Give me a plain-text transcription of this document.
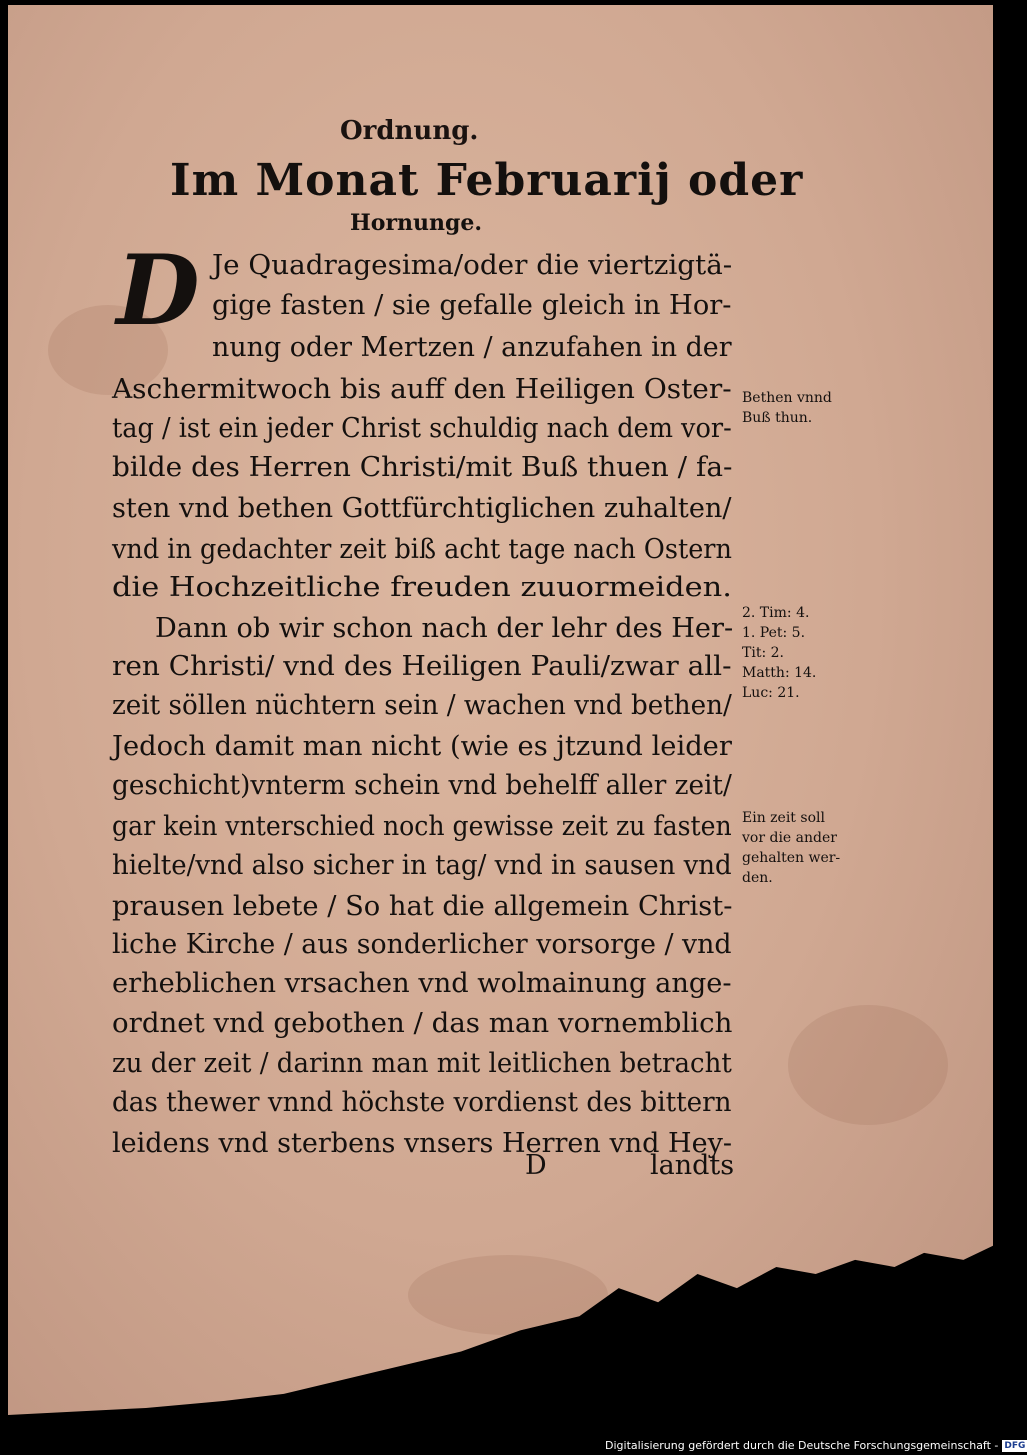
Ordnung.
Im Monat Februarij oder
Hornunge.
D Je Quadragesima/oder die viertzigtä-
gige fasten / sie gefalle gleich in Hor-
nung oder Mertzen / anzufahen in der
Aschermitwoch bis auff den Heiligen Oster-
tag / ist ein jeder Christ schuldig nach dem vor-
bilde des Herren Christi/mit Buß thuen / fa-
sten vnd bethen Gottfürchtiglichen zuhalten/
vnd in gedachter zeit biß acht tage nach Ostern
die Hochzeitliche freuden zuuormeiden.
Dann ob wir schon nach der lehr des Her-
ren Christi/ vnd des Heiligen Pauli/zwar all-
zeit söllen nüchtern sein / wachen vnd bethen/
Jedoch damit man nicht (wie es jtzund leider
geschicht)vnterm schein vnd behelff aller zeit/
gar kein vnterschied noch gewisse zeit zu fasten
hielte/vnd also sicher in tag/ vnd in sausen vnd
prausen lebete / So hat die allgemein Christ-
liche Kirche / aus sonderlicher vorsorge / vnd
erheblichen vrsachen vnd wolmainung ange-
ordnet vnd gebothen / das man vornemblich
zu der zeit / darinn man mit leitlichen betracht
das thewer vnnd höchste vordienst des bittern
leidens vnd sterbens vnsers Herren vnd Hey-
D	landts
Bethen vnnd
Buß thun.
2. Tim: 4.
1. Pet: 5.
Tit: 2.
Matth: 14.
Luc: 21.
Ein zeit soll
vor die ander
gehalten wer-
den.
Digitalisierung gefördert durch die Deutsche Forschungsgemeinschaft - DFG
